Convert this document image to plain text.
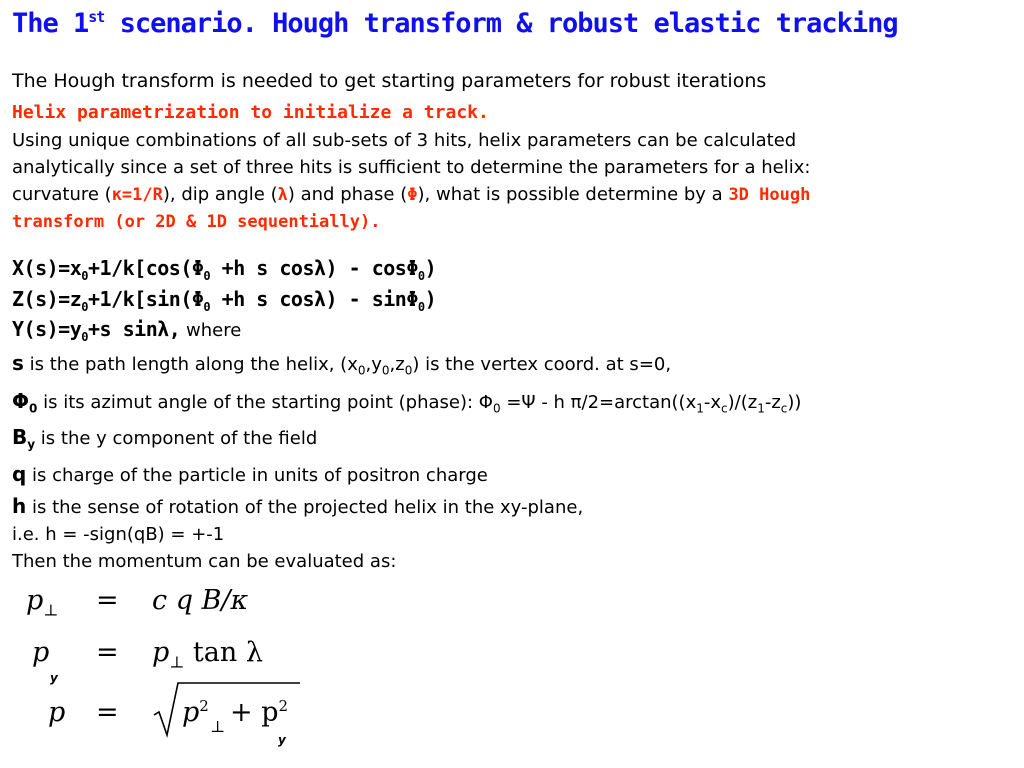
The 1st scenario. Hough transform & robust elastic tracking
The Hough transform is needed to get starting parameters for robust iterations
Helix parametrization to initialize a track.
Using unique combinations of all sub-sets of 3 hits, helix parameters can be calculated
analytically since a set of three hits is sufficient to determine the parameters for a helix:
curvature (κ=1/R), dip angle (λ) and phase (Φ), what is possible determine by a 3D Hough
transform (or 2D & 1D sequentially).
$X(s)=x_0+1/k[\cos(\Phi_0 +h$ s cosλ) - cosΦ$_0$)
$Z(s)=z_0+1/k[\sin(\Phi_0 +h$ s cosλ) - sinΦ$_0$)
$Y(s)=y_0+s$ sinλ, where
s is the path length along the helix, $(x_0,y_0,z_0)$ is the vertex coord. at s=0,
$\Phi_0$ is its azimut angle of the starting point (phase): $\Phi_0 =\Psi - h$ $\pi/2=\arctan((x_1-x_c)/(z_1-z_c))$
$B_y$ is the y component of the field
q is charge of the particle in units of positron charge
h is the sense of rotation of the projected helix in the xy-plane,
i.e. h = -sign(qB) = +-1
Then the momentum can be evaluated as:
$p_\perp = c$ q B/κ
p
y
= $p_\perp$ tan λ
$p = p^2$
⊥ + $p^2$
y
